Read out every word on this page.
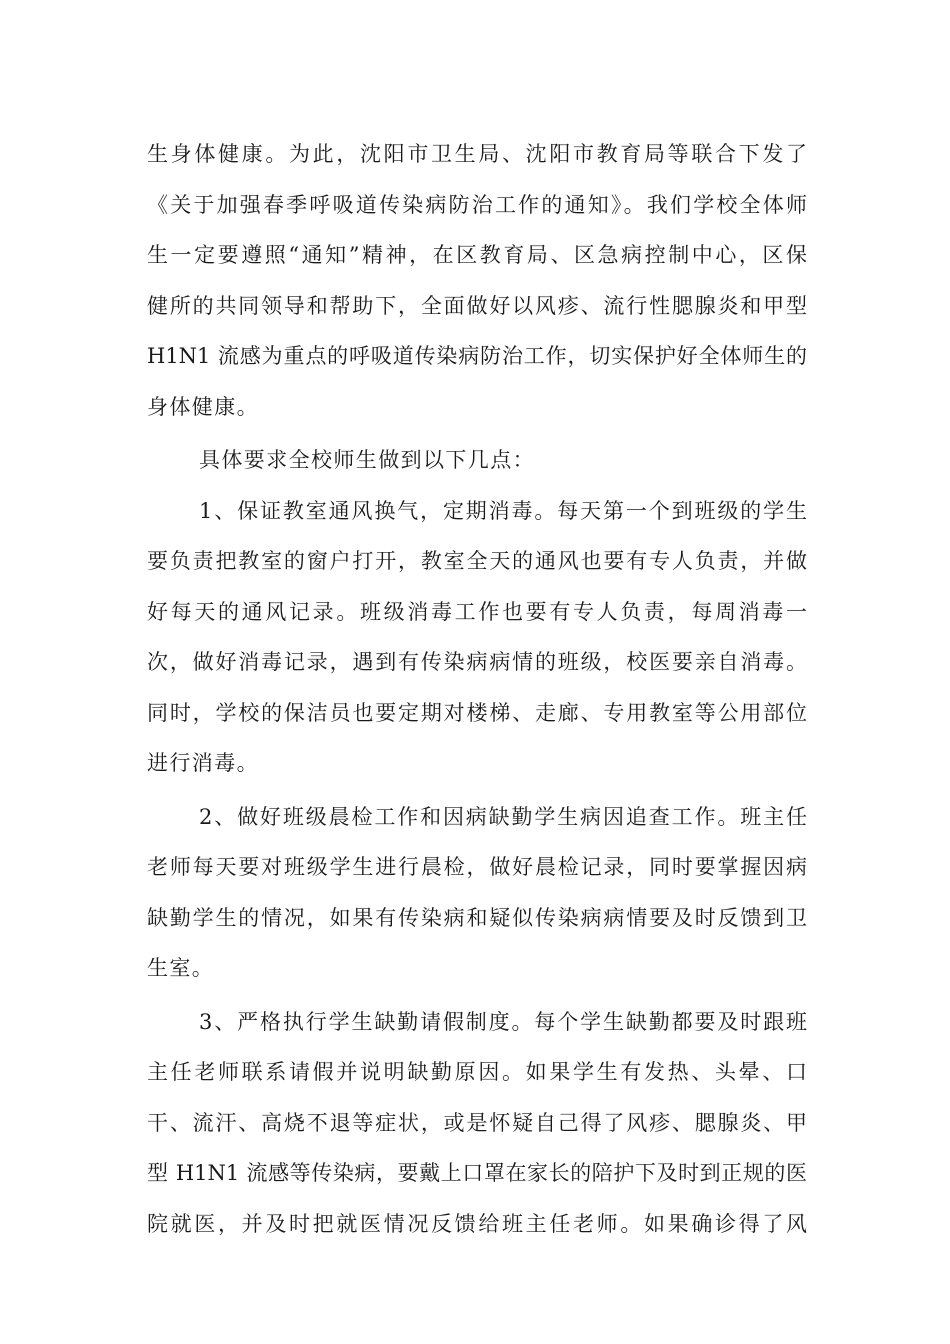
生身体健康。为此，沈阳市卫生局、沈阳市教育局等联合下发了
《关于加强春季呼吸道传染病防治工作的通知》。我们学校全体师
生一定要遵照“通知”精神，在区教育局、区急病控制中心，区保
健所的共同领导和帮助下，全面做好以风疹、流行性腮腺炎和甲型
H1N1 流感为重点的呼吸道传染病防治工作，切实保护好全体师生的
身体健康。
具体要求全校师生做到以下几点：
1、保证教室通风换气，定期消毒。每天第一个到班级的学生
要负责把教室的窗户打开，教室全天的通风也要有专人负责，并做
好每天的通风记录。班级消毒工作也要有专人负责，每周消毒一
次，做好消毒记录，遇到有传染病病情的班级，校医要亲自消毒。
同时，学校的保洁员也要定期对楼梯、走廊、专用教室等公用部位
进行消毒。
2、做好班级晨检工作和因病缺勤学生病因追查工作。班主任
老师每天要对班级学生进行晨检，做好晨检记录，同时要掌握因病
缺勤学生的情况，如果有传染病和疑似传染病病情要及时反馈到卫
生室。
3、严格执行学生缺勤请假制度。每个学生缺勤都要及时跟班
主任老师联系请假并说明缺勤原因。如果学生有发热、头晕、口
干、流汗、高烧不退等症状，或是怀疑自己得了风疹、腮腺炎、甲
型 H1N1 流感等传染病，要戴上口罩在家长的陪护下及时到正规的医
院就医，并及时把就医情况反馈给班主任老师。如果确诊得了风
